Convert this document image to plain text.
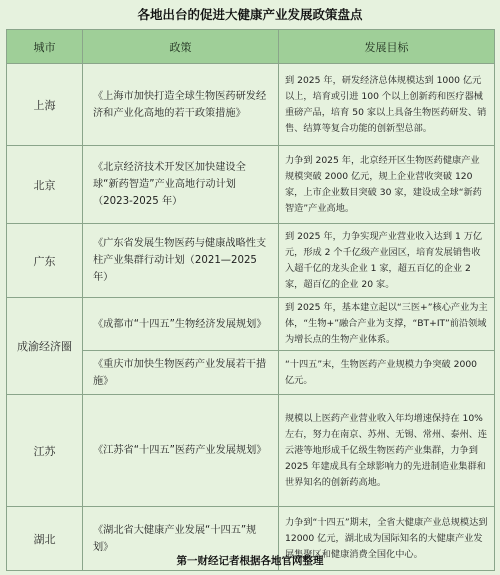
各地出台的促进大健康产业发展政策盘点
城市	政策	发展目标
上海	《上海市加快打造全球生物医药研发经济和产业化高地的若干政策措施》	到 2025 年，研发经济总体规模达到 1000 亿元以上，培育或引进 100 个以上创新药和医疗器械重磅产品，培育 50 家以上具备生物医药研发、销售、结算等复合功能的创新型总部。
北京	《北京经济技术开发区加快建设全球“新药智造”产业高地行动计划（2023-2025 年）	力争到 2025 年，北京经开区生物医药健康产业规模突破 2000 亿元，规上企业营收突破 120 家，上市企业数目突破 30 家，建设成全球“新药智造”产业高地。
广东	《广东省发展生物医药与健康战略性支柱产业集群行动计划（2021—2025 年）	到 2025 年，力争实现产业营业收入达到 1 万亿元，形成 2 个千亿级产业园区，培育发展销售收入超千亿的龙头企业 1 家，超五百亿的企业 2 家，超百亿的企业 20 家。
成渝经济圈	《成都市“十四五”生物经济发展规划》	到 2025 年，基本建立起以“三医+”核心产业为主体，“生物+”融合产业为支撑，“BT+IT”前沿领域为增长点的生物产业体系。
	《重庆市加快生物医药产业发展若干措施》	“十四五”末，生物医药产业规模力争突破 2000 亿元。
江苏	《江苏省“十四五”医药产业发展规划》	规模以上医药产业营业收入年均增速保持在 10%左右，努力在南京、苏州、无锡、常州、泰州、连云港等地形成千亿级生物医药产业集群，力争到 2025 年建成具有全球影响力的先进制造业集群和世界知名的创新药高地。
湖北	《湖北省大健康产业发展“十四五”规划》	力争到“十四五”期末，全省大健康产业总规模达到 12000 亿元，湖北成为国际知名的大健康产业发展集聚区和健康消费全国化中心。
第一财经记者根据各地官网整理
